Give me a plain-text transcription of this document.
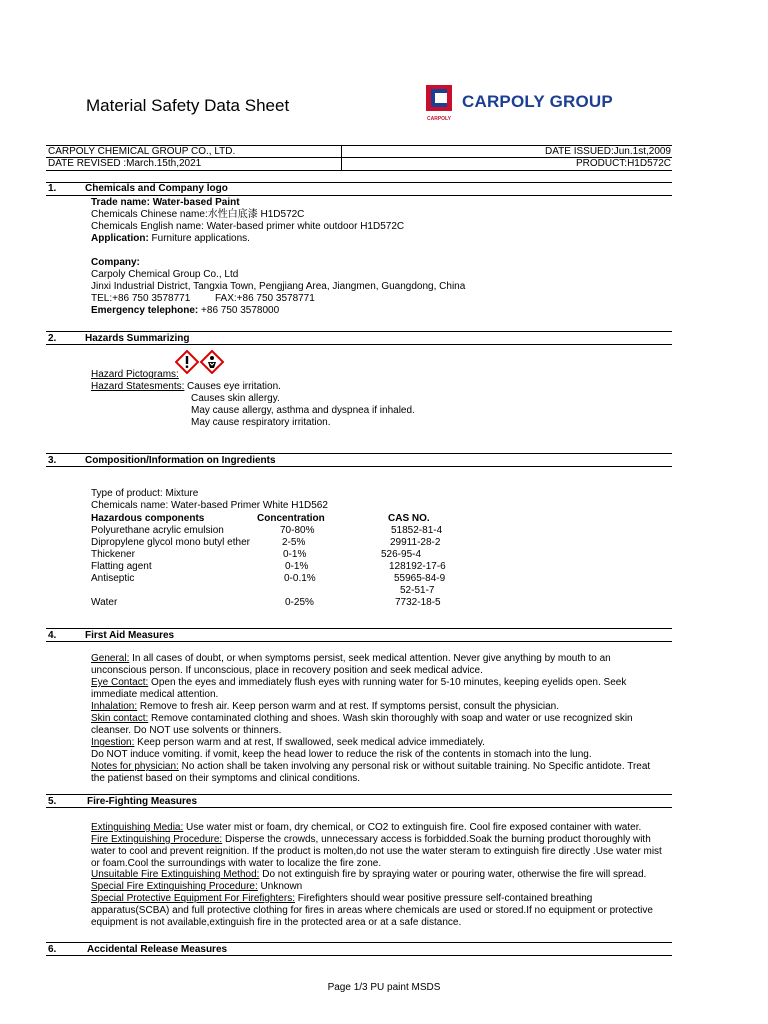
Material Safety Data Sheet
CARPOLY
CARPOLY GROUP
CARPOLY CHEMICAL GROUP CO., LTD.	DATE ISSUED:Jun.1st,2009
DATE REVISED :March.15th,2021	PRODUCT:H1D572C
1.	Chemicals and Company logo
Trade name: Water-based Paint
Chemicals Chinese name:水性白底漆 H1D572C
Chemicals English name: Water-based primer white outdoor H1D572C
Application: Furniture applications.
Company:
Carpoly Chemical Group Co., Ltd
Jinxi Industrial District, Tangxia Town, Pengjiang Area, Jiangmen, Guangdong, China
TEL:+86 750 3578771 FAX:+86 750 3578771
Emergency telephone: +86 750 3578000
2.	Hazards Summarizing
Hazard Pictograms:
Hazard Statesments: Causes eye irritation.
Causes skin allergy.
May cause allergy, asthma and dyspnea if inhaled.
May cause respiratory irritation.
3.	Composition/Information on Ingredients
Type of product: Mixture
Chemicals name: Water-based Primer White H1D562
Hazardous components	Concentration	CAS NO.
Polyurethane acrylic emulsion	70-80%	51852-81-4
Dipropylene glycol mono butyl ether	2-5%	29911-28-2
Thickener	0-1%	526-95-4
Flatting agent	0-1%	128192-17-6
Antiseptic	0-0.1%	55965-84-9
52-51-7
Water	0-25%	7732-18-5
4.	First Aid Measures
General: In all cases of doubt, or when symptoms persist, seek medical attention. Never give anything by mouth to an unconscious person. If unconscious, place in recovery position and seek medical advice.
Eye Contact: Open the eyes and immediately flush eyes with running water for 5-10 minutes, keeping eyelids open. Seek immediate medical attention.
Inhalation: Remove to fresh air. Keep person warm and at rest. If symptoms persist, consult the physician.
Skin contact: Remove contaminated clothing and shoes. Wash skin thoroughly with soap and water or use recognized skin cleanser. Do NOT use solvents or thinners.
Ingestion: Keep person warm and at rest, If swallowed, seek medical advice immediately.
Do NOT induce vomiting. if vomit, keep the head lower to reduce the risk of the contents in stomach into the lung.
Notes for physician: No action shall be taken involving any personal risk or without suitable training. No Specific antidote. Treat the patienst based on their symptoms and clinical conditions.
5.	Fire-Fighting Measures
Extinguishing Media: Use water mist or foam, dry chemical, or CO2 to extinguish fire. Cool fire exposed container with water.
Fire Extinguishing Procedure: Disperse the crowds, unnecessary access is forbidded.Soak the burning product thoroughly with water to cool and prevent reignition. If the product is molten,do not use the water steram to extinguish fire directly .Use water mist or foam.Cool the surroundings with water to localize the fire zone.
Unsuitable Fire Extinguishing Method: Do not extinguish fire by spraying water or pouring water, otherwise the fire will spread.
Special Fire Extinguishing Procedure: Unknown
Special Protective Equipment For Firefighters: Firefighters should wear positive pressure self-contained breathing apparatus(SCBA) and full protective clothing for fires in areas where chemicals are used or stored.If no equipment or protective equipment is not available,extinguish fire in the protected area or at a safe distance.
6.	Accidental Release Measures
Page 1/3 PU paint MSDS
